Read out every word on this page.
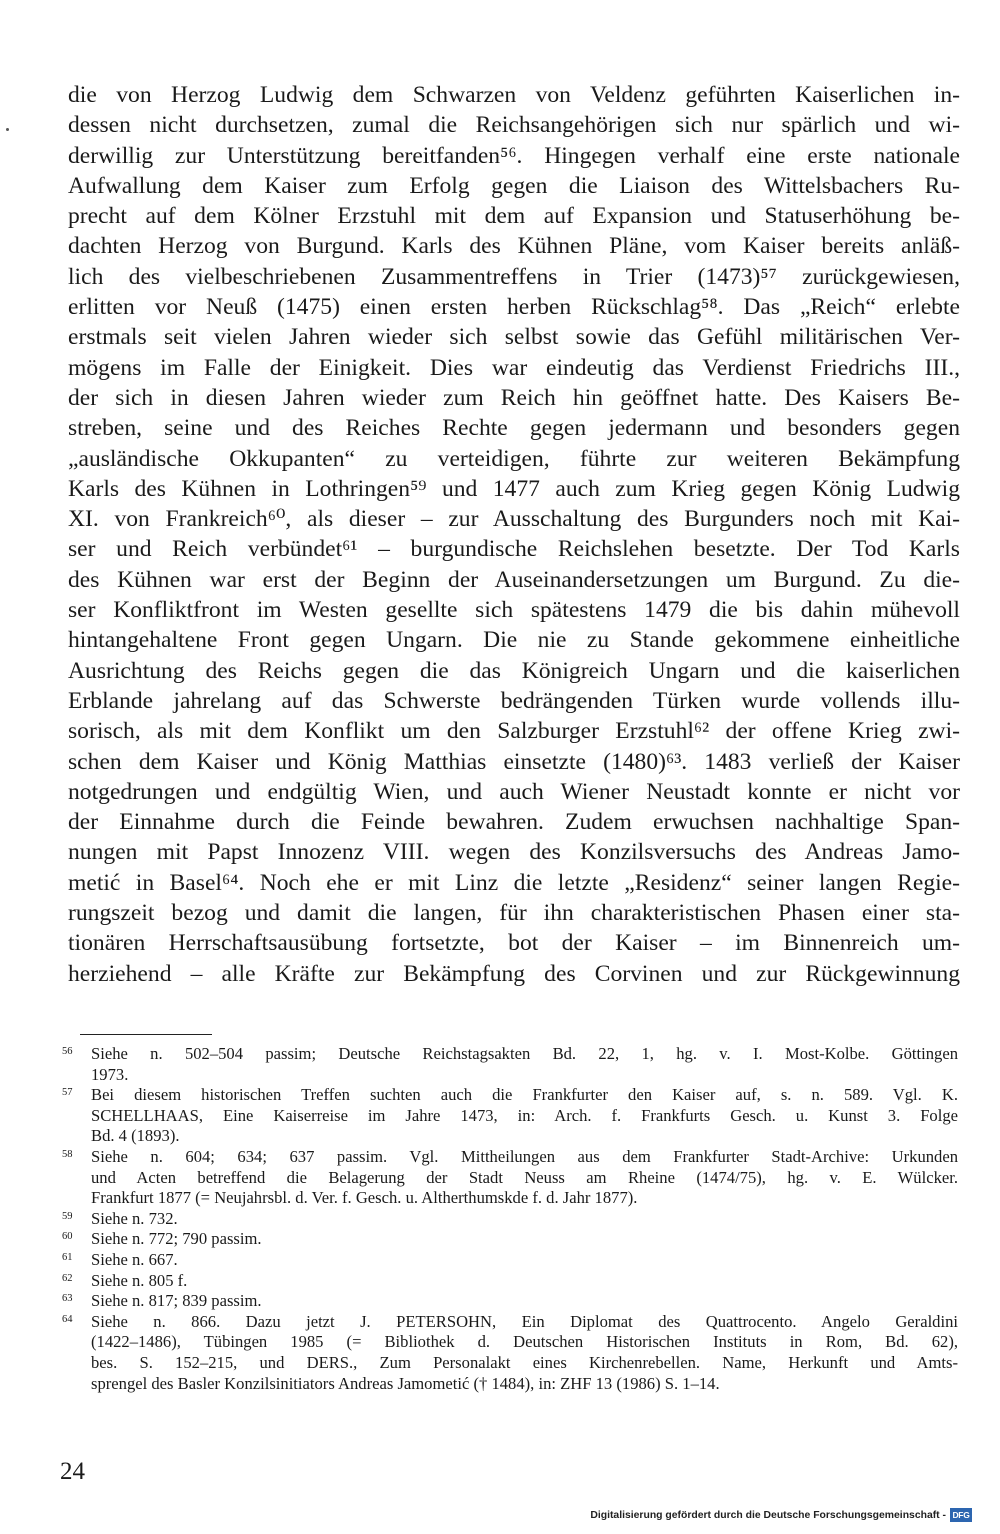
die von Herzog Ludwig dem Schwarzen von Veldenz geführten Kaiserlichen in-
dessen nicht durchsetzen, zumal die Reichsangehörigen sich nur spärlich und wi-
derwillig zur Unterstützung bereitfanden⁵⁶. Hingegen verhalf eine erste nationale
Aufwallung dem Kaiser zum Erfolg gegen die Liaison des Wittelsbachers Ru-
precht auf dem Kölner Erzstuhl mit dem auf Expansion und Statuserhöhung be-
dachten Herzog von Burgund. Karls des Kühnen Pläne, vom Kaiser bereits anläß-
lich des vielbeschriebenen Zusammentreffens in Trier (1473)⁵⁷ zurückgewiesen,
erlitten vor Neuß (1475) einen ersten herben Rückschlag⁵⁸. Das „Reich“ erlebte
erstmals seit vielen Jahren wieder sich selbst sowie das Gefühl militärischen Ver-
mögens im Falle der Einigkeit. Dies war eindeutig das Verdienst Friedrichs III.,
der sich in diesen Jahren wieder zum Reich hin geöffnet hatte. Des Kaisers Be-
streben, seine und des Reiches Rechte gegen jedermann und besonders gegen
„ausländische Okkupanten“ zu verteidigen, führte zur weiteren Bekämpfung
Karls des Kühnen in Lothringen⁵⁹ und 1477 auch zum Krieg gegen König Ludwig
XI. von Frankreich⁶⁰, als dieser – zur Ausschaltung des Burgunders noch mit Kai-
ser und Reich verbündet⁶¹ – burgundische Reichslehen besetzte. Der Tod Karls
des Kühnen war erst der Beginn der Auseinandersetzungen um Burgund. Zu die-
ser Konfliktfront im Westen gesellte sich spätestens 1479 die bis dahin mühevoll
hintangehaltene Front gegen Ungarn. Die nie zu Stande gekommene einheitliche
Ausrichtung des Reichs gegen die das Königreich Ungarn und die kaiserlichen
Erblande jahrelang auf das Schwerste bedrängenden Türken wurde vollends illu-
sorisch, als mit dem Konflikt um den Salzburger Erzstuhl⁶² der offene Krieg zwi-
schen dem Kaiser und König Matthias einsetzte (1480)⁶³. 1483 verließ der Kaiser
notgedrungen und endgültig Wien, und auch Wiener Neustadt konnte er nicht vor
der Einnahme durch die Feinde bewahren. Zudem erwuchsen nachhaltige Span-
nungen mit Papst Innozenz VIII. wegen des Konzilsversuchs des Andreas Jamo-
metić in Basel⁶⁴. Noch ehe er mit Linz die letzte „Residenz“ seiner langen Regie-
rungszeit bezog und damit die langen, für ihn charakteristischen Phasen einer sta-
tionären Herrschaftsausübung fortsetzte, bot der Kaiser – im Binnenreich um-
herziehend – alle Kräfte zur Bekämpfung des Corvinen und zur Rückgewinnung
56	Siehe n. 502–504 passim; Deutsche Reichstagsakten Bd. 22, 1, hg. v. I. Most-Kolbe. Göttingen
1973.
57	Bei diesem historischen Treffen suchten auch die Frankfurter den Kaiser auf, s. n. 589. Vgl. K.
SCHELLHAAS, Eine Kaiserreise im Jahre 1473, in: Arch. f. Frankfurts Gesch. u. Kunst 3. Folge
Bd. 4 (1893).
58	Siehe n. 604; 634; 637 passim. Vgl. Mittheilungen aus dem Frankfurter Stadt-Archive: Urkunden
und Acten betreffend die Belagerung der Stadt Neuss am Rheine (1474/75), hg. v. E. Wülcker.
Frankfurt 1877 (= Neujahrsbl. d. Ver. f. Gesch. u. Altherthumskde f. d. Jahr 1877).
59	Siehe n. 732.
60	Siehe n. 772; 790 passim.
61	Siehe n. 667.
62	Siehe n. 805 f.
63	Siehe n. 817; 839 passim.
64	Siehe n. 866. Dazu jetzt J. PETERSOHN, Ein Diplomat des Quattrocento. Angelo Geraldini
(1422–1486), Tübingen 1985 (= Bibliothek d. Deutschen Historischen Instituts in Rom, Bd. 62),
bes. S. 152–215, und DERS., Zum Personalakt eines Kirchenrebellen. Name, Herkunft und Amts-
sprengel des Basler Konzilsinitiators Andreas Jamometić († 1484), in: ZHF 13 (1986) S. 1–14.
24
Digitalisierung gefördert durch die Deutsche Forschungsgemeinschaft - DFG
